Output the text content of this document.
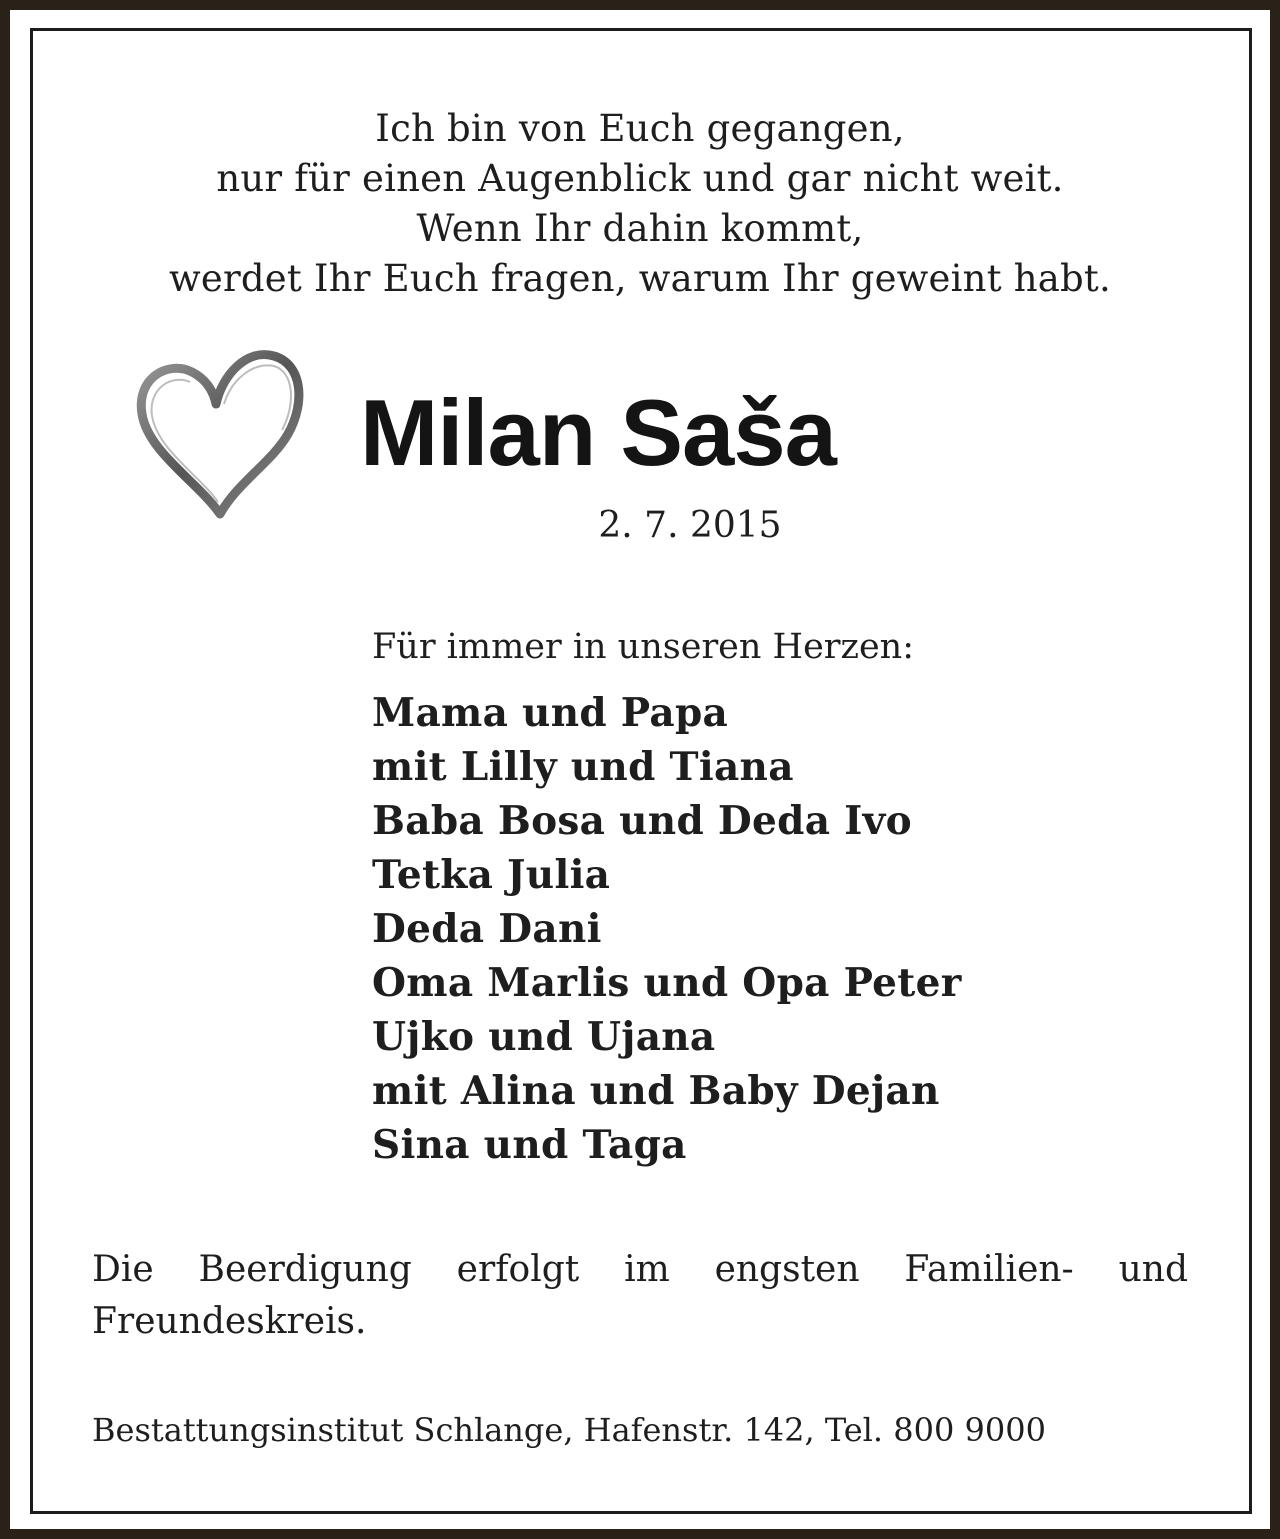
Ich bin von Euch gegangen,
nur für einen Augenblick und gar nicht weit.
Wenn Ihr dahin kommt,
werdet Ihr Euch fragen, warum Ihr geweint habt.
Milan Saša
2. 7. 2015
Für immer in unseren Herzen:
Mama und Papa
mit Lilly und Tiana
Baba Bosa und Deda Ivo
Tetka Julia
Deda Dani
Oma Marlis und Opa Peter
Ujko und Ujana
mit Alina und Baby Dejan
Sina und Taga
Die Beerdigung erfolgt im engsten Familien- und Freundeskreis.
Bestattungsinstitut Schlange, Hafenstr. 142, Tel. 800 9000
